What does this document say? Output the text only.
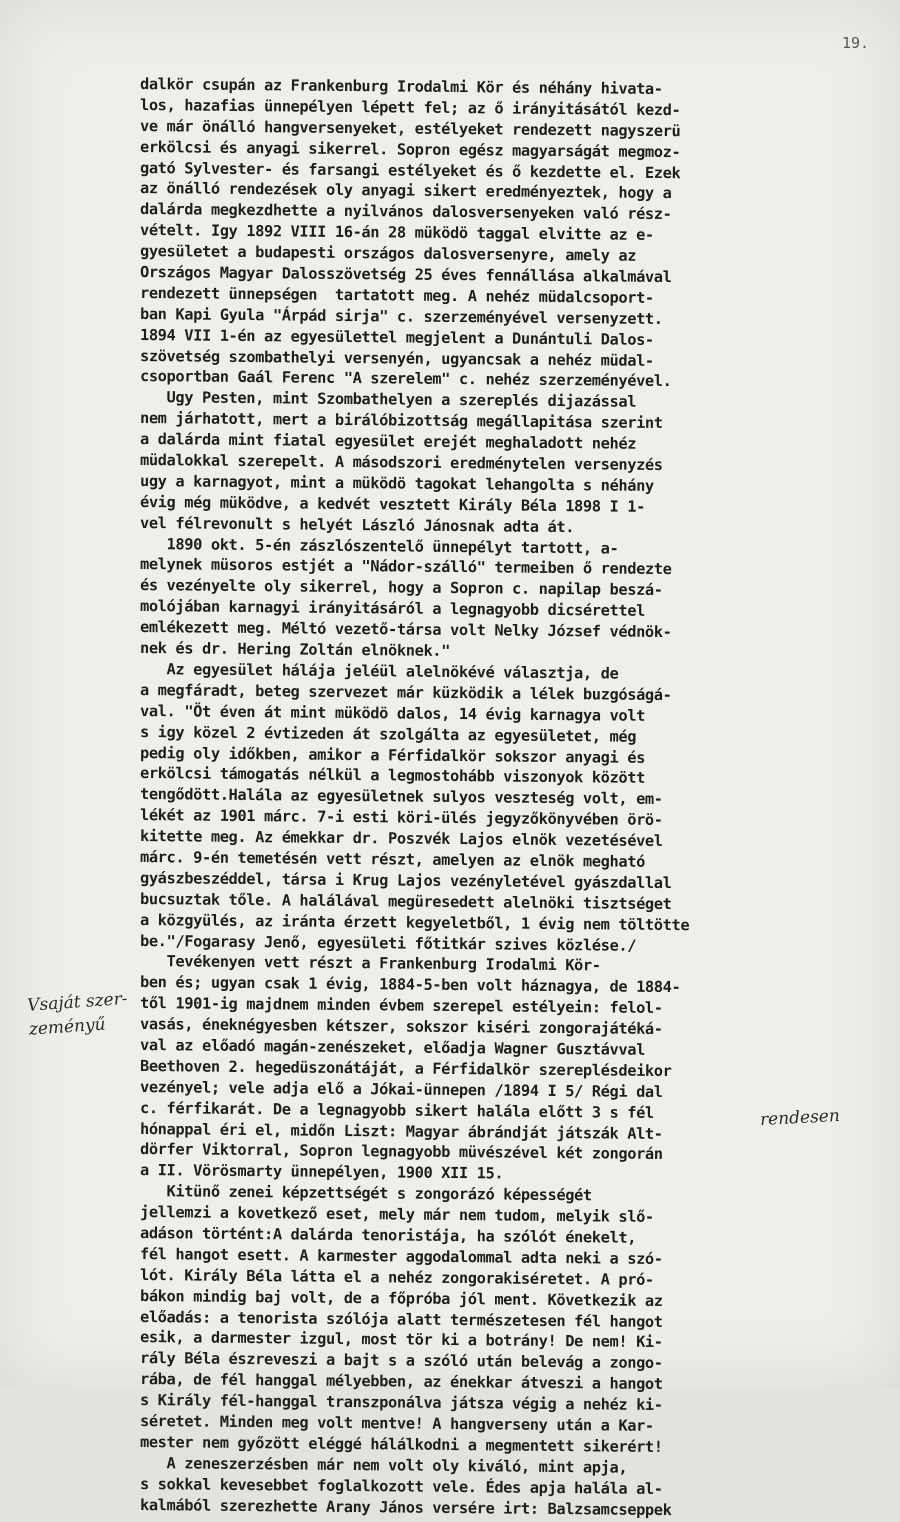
19.
dalkör csupán az Frankenburg Irodalmi Kör és néhány hivata-
los, hazafias ünnepélyen lépett fel; az ő irányitásától kezd-
ve már önálló hangversenyeket, estélyeket rendezett nagyszerü
erkölcsi és anyagi sikerrel. Sopron egész magyarságát megmoz-
gató Sylvester- és farsangi estélyeket és ő kezdette el. Ezek
az önálló rendezések oly anyagi sikert eredményeztek, hogy a
dalárda megkezdhette a nyilvános dalosversenyeken való rész-
vételt. Igy 1892 VIII 16-án 28 müködö taggal elvitte az e-
gyesületet a budapesti országos dalosversenyre, amely az
Országos Magyar Dalosszövetség 25 éves fennállása alkalmával
rendezett ünnepségen  tartatott meg. A nehéz müdalcsoport-
ban Kapi Gyula "Árpád sirja" c. szerzeményével versenyzett.
1894 VII 1-én az egyesülettel megjelent a Dunántuli Dalos-
szövetség szombathelyi versenyén, ugyancsak a nehéz müdal-
csoportban Gaál Ferenc "A szerelem" c. nehéz szerzeményével.
Ugy Pesten, mint Szombathelyen a szereplés dijazással
nem járhatott, mert a birálóbizottság megállapitása szerint
a dalárda mint fiatal egyesület erejét meghaladott nehéz
müdalokkal szerepelt. A másodszori eredménytelen versenyzés
ugy a karnagyot, mint a müködö tagokat lehangolta s néhány
évig még müködve, a kedvét vesztett Király Béla 1898 I 1-
vel félrevonult s helyét László Jánosnak adta át.
1890 okt. 5-én zászlószentelő ünnepélyt tartott, a-
melynek müsoros estjét a "Nádor-szálló" termeiben ő rendezte
és vezényelte oly sikerrel, hogy a Sopron c. napilap beszá-
molójában karnagyi irányitásáról a legnagyobb dicsérettel
emlékezett meg. Méltó vezető-társa volt Nelky József védnök-
nek és dr. Hering Zoltán elnöknek."
Az egyesület hálája jeléül alelnökévé választja, de
a megfáradt, beteg szervezet már küzködik a lélek buzgóságá-
val. "Öt éven át mint müködö dalos, 14 évig karnagya volt
s igy közel 2 évtizeden át szolgálta az egyesületet, még
pedig oly időkben, amikor a Férfidalkör sokszor anyagi és
erkölcsi támogatás nélkül a legmostohább viszonyok között
tengődött.Halála az egyesületnek sulyos veszteség volt, em-
lékét az 1901 márc. 7-i esti köri-ülés jegyzőkönyvében örö-
kitette meg. Az émekkar dr. Poszvék Lajos elnök vezetésével
márc. 9-én temetésén vett részt, amelyen az elnök megható
gyászbeszéddel, társa i Krug Lajos vezényletével gyászdallal
bucsuztak tőle. A halálával megüresedett alelnöki tisztséget
a közgyülés, az iránta érzett kegyeletből, 1 évig nem töltötte
be."/Fogarasy Jenő, egyesületi főtitkár szives közlése./
Tevékenyen vett részt a Frankenburg Irodalmi Kör-
ben és; ugyan csak 1 évig, 1884-5-ben volt háznagya, de 1884-
től 1901-ig majdnem minden évbem szerepel estélyein: felol-
vasás, éneknégyesben kétszer, sokszor kiséri zongorajátéká-
val az előadó magán-zenészeket, előadja Wagner Gusztávval
Beethoven 2. hegedüszonátáját, a Férfidalkör szereplésdeikor
vezényel; vele adja elő a Jókai-ünnepen /1894 I 5/ Régi dal
c. férfikarát. De a legnagyobb sikert halála előtt 3 s fél
hónappal éri el, midőn Liszt: Magyar ábrándját játszák Alt-
dörfer Viktorral, Sopron legnagyobb müvészével két zongorán
a II. Vörösmarty ünnepélyen, 1900 XII 15.
Kitünő zenei képzettségét s zongorázó képességét
jellemzi a kovetkező eset, mely már nem tudom, melyik slő-
adáson történt:A dalárda tenoristája, ha szólót énekelt,
fél hangot esett. A karmester aggodalommal adta neki a szó-
lót. Király Béla látta el a nehéz zongorakiséretet. A pró-
bákon mindig baj volt, de a főpróba jól ment. Következik az
előadás: a tenorista szólója alatt természetesen fél hangot
esik, a darmester izgul, most tör ki a botrány! De nem! Ki-
rály Béla észreveszi a bajt s a szóló után belevág a zongo-
rába, de fél hanggal mélyebben, az énekkar átveszi a hangot
s Király fél-hanggal transzponálva játsza végig a nehéz ki-
séretet. Minden meg volt mentve! A hangverseny után a Kar-
mester nem győzött eléggé hálálkodni a megmentett sikerért!
A zeneszerzésben már nem volt oly kiváló, mint apja,
s sokkal kevesebbet foglalkozott vele. Édes apja halála al-
kalmából szerezhette Arany János versére irt: Balzsamcseppek
Vsaját szer-
zeményű
rendesen
